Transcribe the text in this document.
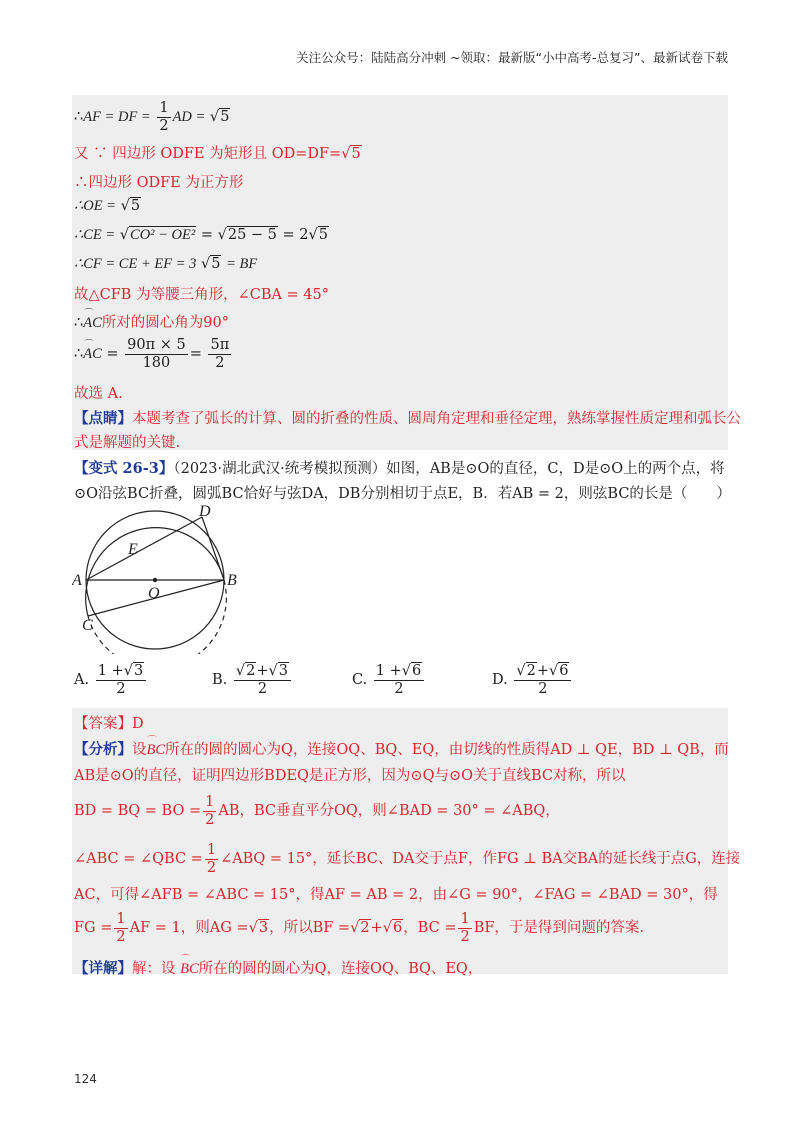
关注公众号：陆陆高分冲刺 ~领取：最新版“小中高考-总复习”、最新试卷下载
∴AF = DF = $\frac{1}{2}$ AD = √5
又 ∵ 四边形 ODFE 为矩形且 OD=DF=√5
∴四边形 ODFE 为正方形
∴OE = √5
∴CE = √CO² − OE² = √25 − 5 = 2√5
∴CF = CE + EF = 3 √5 = BF
故△CFB 为等腰三角形，∠CBA = 45°
∴⌒ AC所对的圆心角为90°
∴⌒ AC = $\frac{90\pi \times 5}{180} = \frac{5\pi}{2}$
故选 A.
【点睛】本题考查了弧长的计算、圆的折叠的性质、圆周角定理和垂径定理，熟练掌握性质定理和弧长公
式是解题的关键.
【变式 26-3】（2023·湖北武汉·统考模拟预测）如图，AB是⊙O的直径，C，D是⊙O上的两个点，将
⊙O沿弦BC折叠，圆弧BC恰好与弦DA，DB分别相切于点E，B．若AB = 2，则弦BC的长是（　　）
A	B
C
D
E
O
A. $\frac{1 +√3}{2}$	B. $\frac{√2+√3}{2}$	C. $\frac{1 +√6}{2}$	D. $\frac{√2+√6}{2}$
【答案】D
【分析】设⌒ BC所在的圆的圆心为Q，连接OQ、BQ、EQ，由切线的性质得AD ⊥ QE，BD ⊥ QB，而
AB是⊙O的直径，证明四边形BDEQ是正方形，因为⊙Q与⊙O关于直线BC对称，所以
BD = BQ = BO = $\frac{1}{2}$ AB，BC垂直平分OQ，则∠BAD = 30° = ∠ABQ，
∠ABC = ∠QBC = $\frac{1}{2}$ ∠ABQ = 15°，延长BC、DA交于点F，作FG ⊥ BA交BA的延长线于点G，连接
AC，可得∠AFB = ∠ABC = 15°，得AF = AB = 2，由∠G = 90°，∠FAG = ∠BAD = 30°，得
FG = $\frac{1}{2}$ AF = 1，则AG =√3，所以BF =√2+√6，BC = $\frac{1}{2}$ BF，于是得到问题的答案.
【详解】解：设 ⌒ BC所在的圆的圆心为Q，连接OQ、BQ、EQ，
124
